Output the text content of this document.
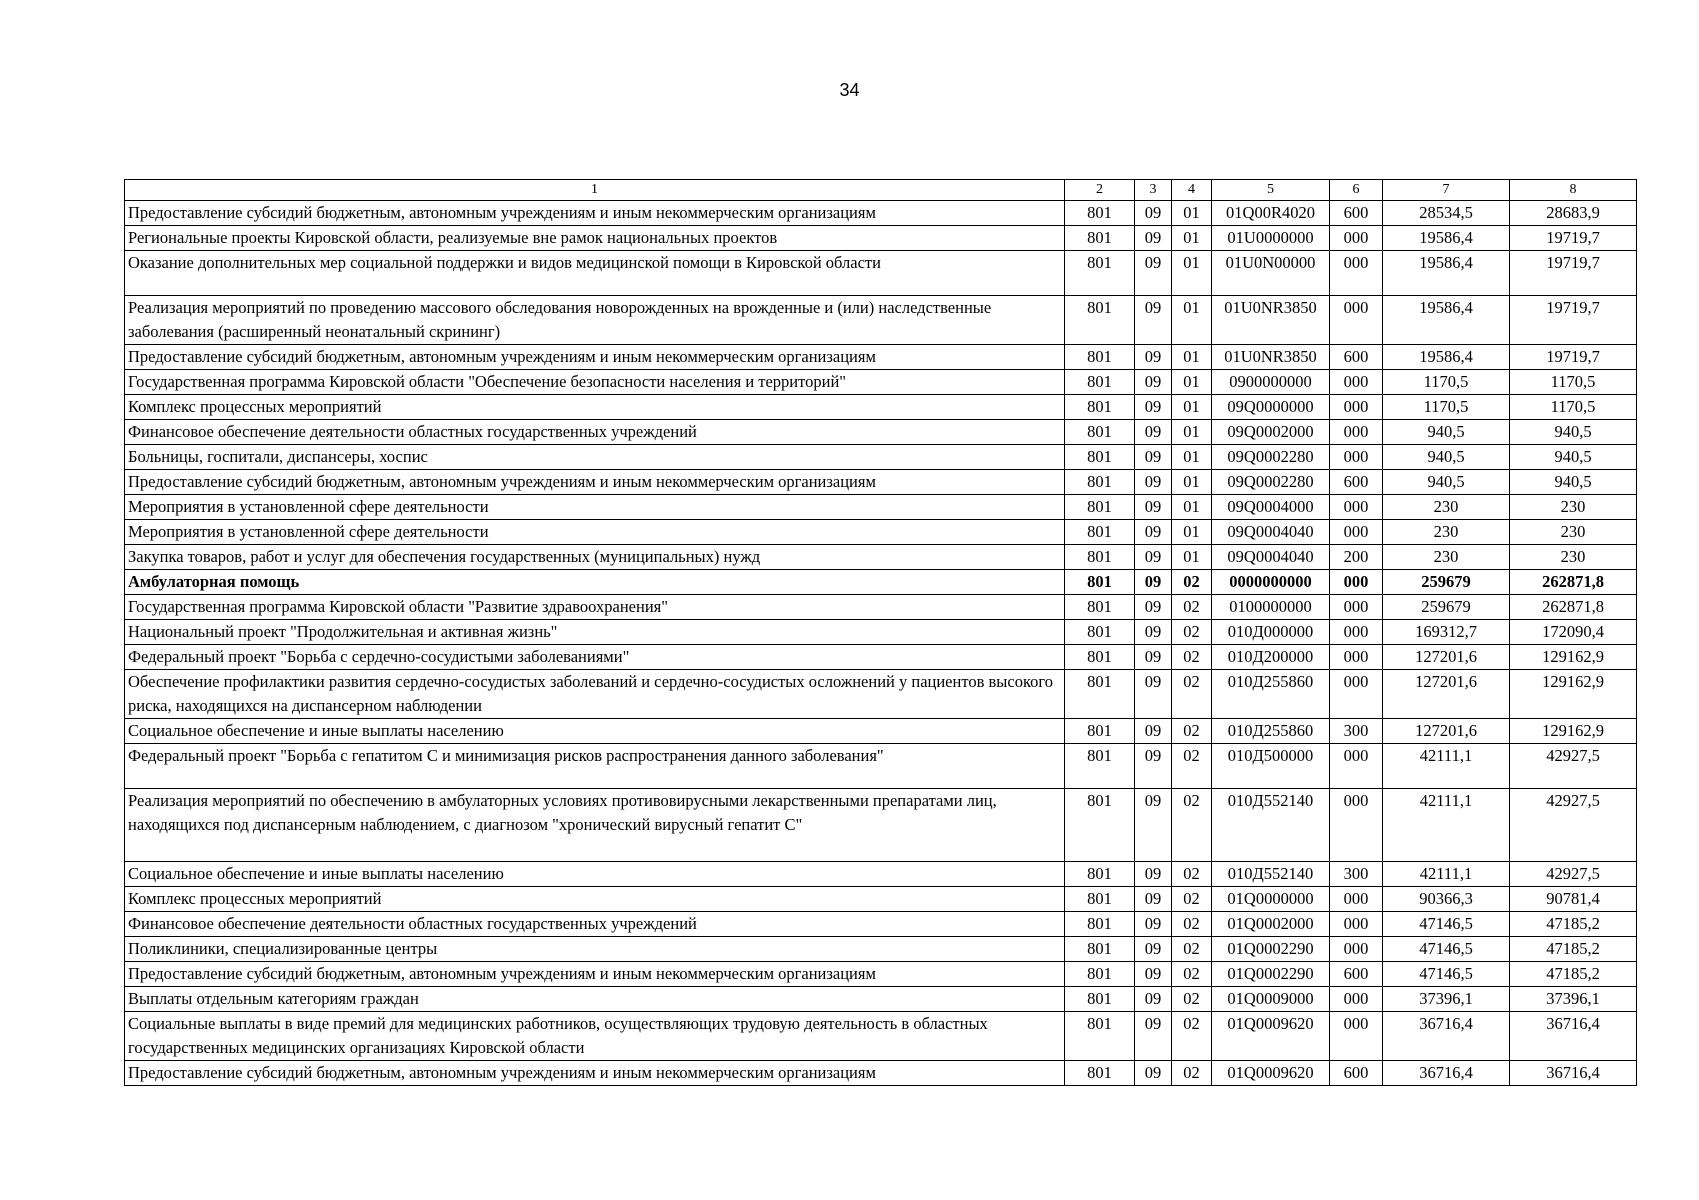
34
1	2	3	4	5	6	7	8
Предоставление субсидий бюджетным, автономным учреждениям и иным некоммерческим организациям	801	09	01	01Q00R4020	600	28534,5	28683,9
Региональные проекты Кировской области, реализуемые вне рамок национальных проектов	801	09	01	01U0000000	000	19586,4	19719,7
Оказание дополнительных мер социальной поддержки и видов медицинской помощи в Кировской области	801	09	01	01U0N00000	000	19586,4	19719,7
Реализация мероприятий по проведению массового обследования новорожденных на врожденные и (или) наследственные заболевания (расширенный неонатальный скрининг)	801	09	01	01U0NR3850	000	19586,4	19719,7
Предоставление субсидий бюджетным, автономным учреждениям и иным некоммерческим организациям	801	09	01	01U0NR3850	600	19586,4	19719,7
Государственная программа Кировской области "Обеспечение безопасности населения и территорий"	801	09	01	0900000000	000	1170,5	1170,5
Комплекс процессных мероприятий	801	09	01	09Q0000000	000	1170,5	1170,5
Финансовое обеспечение деятельности областных государственных учреждений	801	09	01	09Q0002000	000	940,5	940,5
Больницы, госпитали, диспансеры, хоспис	801	09	01	09Q0002280	000	940,5	940,5
Предоставление субсидий бюджетным, автономным учреждениям и иным некоммерческим организациям	801	09	01	09Q0002280	600	940,5	940,5
Мероприятия в установленной сфере деятельности	801	09	01	09Q0004000	000	230	230
Мероприятия в установленной сфере деятельности	801	09	01	09Q0004040	000	230	230
Закупка товаров, работ и услуг для обеспечения государственных (муниципальных) нужд	801	09	01	09Q0004040	200	230	230
Амбулаторная помощь	801	09	02	0000000000	000	259679	262871,8
Государственная программа Кировской области "Развитие здравоохранения"	801	09	02	0100000000	000	259679	262871,8
Национальный проект "Продолжительная и активная жизнь"	801	09	02	010Д000000	000	169312,7	172090,4
Федеральный проект "Борьба с сердечно-сосудистыми заболеваниями"	801	09	02	010Д200000	000	127201,6	129162,9
Обеспечение профилактики развития сердечно-сосудистых заболеваний и сердечно-сосудистых осложнений у пациентов высокого риска, находящихся на диспансерном наблюдении	801	09	02	010Д255860	000	127201,6	129162,9
Социальное обеспечение и иные выплаты населению	801	09	02	010Д255860	300	127201,6	129162,9
Федеральный проект "Борьба с гепатитом С и минимизация рисков распространения данного заболевания"	801	09	02	010Д500000	000	42111,1	42927,5
Реализация мероприятий по обеспечению в амбулаторных условиях противовирусными лекарственными препаратами лиц, находящихся под диспансерным наблюдением, с диагнозом "хронический вирусный гепатит С"	801	09	02	010Д552140	000	42111,1	42927,5
Социальное обеспечение и иные выплаты населению	801	09	02	010Д552140	300	42111,1	42927,5
Комплекс процессных мероприятий	801	09	02	01Q0000000	000	90366,3	90781,4
Финансовое обеспечение деятельности областных государственных учреждений	801	09	02	01Q0002000	000	47146,5	47185,2
Поликлиники, специализированные центры	801	09	02	01Q0002290	000	47146,5	47185,2
Предоставление субсидий бюджетным, автономным учреждениям и иным некоммерческим организациям	801	09	02	01Q0002290	600	47146,5	47185,2
Выплаты отдельным категориям граждан	801	09	02	01Q0009000	000	37396,1	37396,1
Социальные выплаты в виде премий для медицинских работников, осуществляющих трудовую деятельность в областных государственных медицинских организациях Кировской области	801	09	02	01Q0009620	000	36716,4	36716,4
Предоставление субсидий бюджетным, автономным учреждениям и иным некоммерческим организациям	801	09	02	01Q0009620	600	36716,4	36716,4
